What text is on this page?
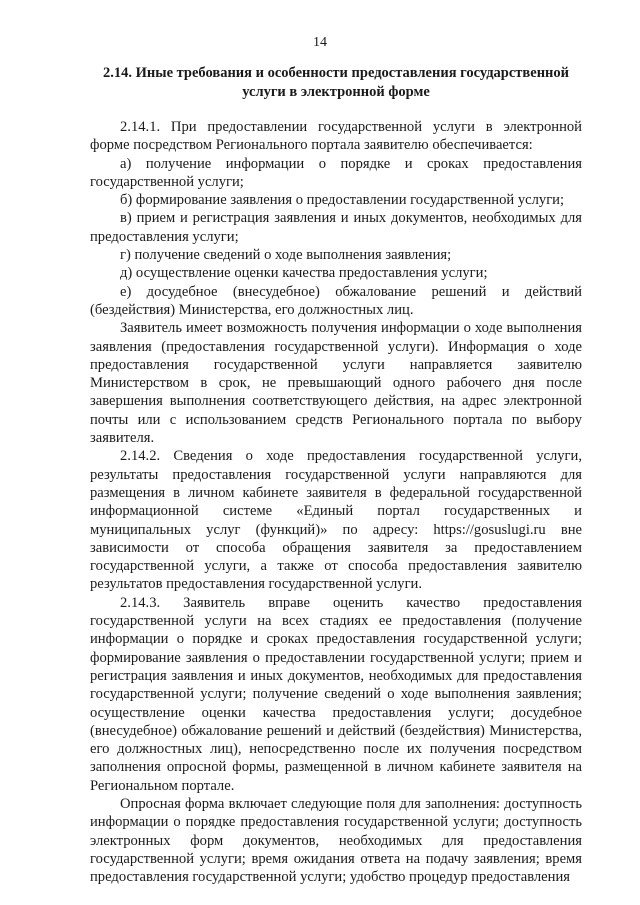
14
2.14. Иные требования и особенности предоставления государственной
услуги в электронной форме

2.14.1. При предоставлении государственной услуги в электронной форме посредством Регионального портала заявителю обеспечивается:

а) получение информации о порядке и сроках предоставления государственной услуги;

б) формирование заявления о предоставлении государственной услуги;

в) прием и регистрация заявления и иных документов, необходимых для предоставления услуги;

г) получение сведений о ходе выполнения заявления;

д) осуществление оценки качества предоставления услуги;

е) досудебное (внесудебное) обжалование решений и действий (бездействия) Министерства, его должностных лиц.

Заявитель имеет возможность получения информации о ходе выполнения заявления (предоставления государственной услуги). Информация о ходе предоставления государственной услуги направляется заявителю Министерством в срок, не превышающий одного рабочего дня после завершения выполнения соответствующего действия, на адрес электронной почты или с использованием средств Регионального портала по выбору заявителя.

2.14.2. Сведения о ходе предоставления государственной услуги, результаты предоставления государственной услуги направляются для размещения в личном кабинете заявителя в федеральной государственной информационной системе «Единый портал государственных и муниципальных услуг (функций)» по адресу: https://gosuslugi.ru вне зависимости от способа обращения заявителя за предоставлением государственной услуги, а также от способа предоставления заявителю результатов предоставления государственной услуги.

2.14.3. Заявитель вправе оценить качество предоставления государственной услуги на всех стадиях ее предоставления (получение информации о порядке и сроках предоставления государственной услуги; формирование заявления о предоставлении государственной услуги; прием и регистрация заявления и иных документов, необходимых для предоставления государственной услуги; получение сведений о ходе выполнения заявления; осуществление оценки качества предоставления услуги; досудебное (внесудебное) обжалование решений и действий (бездействия) Министерства, его должностных лиц), непосредственно после их получения посредством заполнения опросной формы, размещенной в личном кабинете заявителя на Региональном портале.

Опросная форма включает следующие поля для заполнения: доступность информации о порядке предоставления государственной услуги; доступность электронных форм документов, необходимых для предоставления государственной услуги; время ожидания ответа на подачу заявления; время предоставления государственной услуги; удобство процедур предоставления
